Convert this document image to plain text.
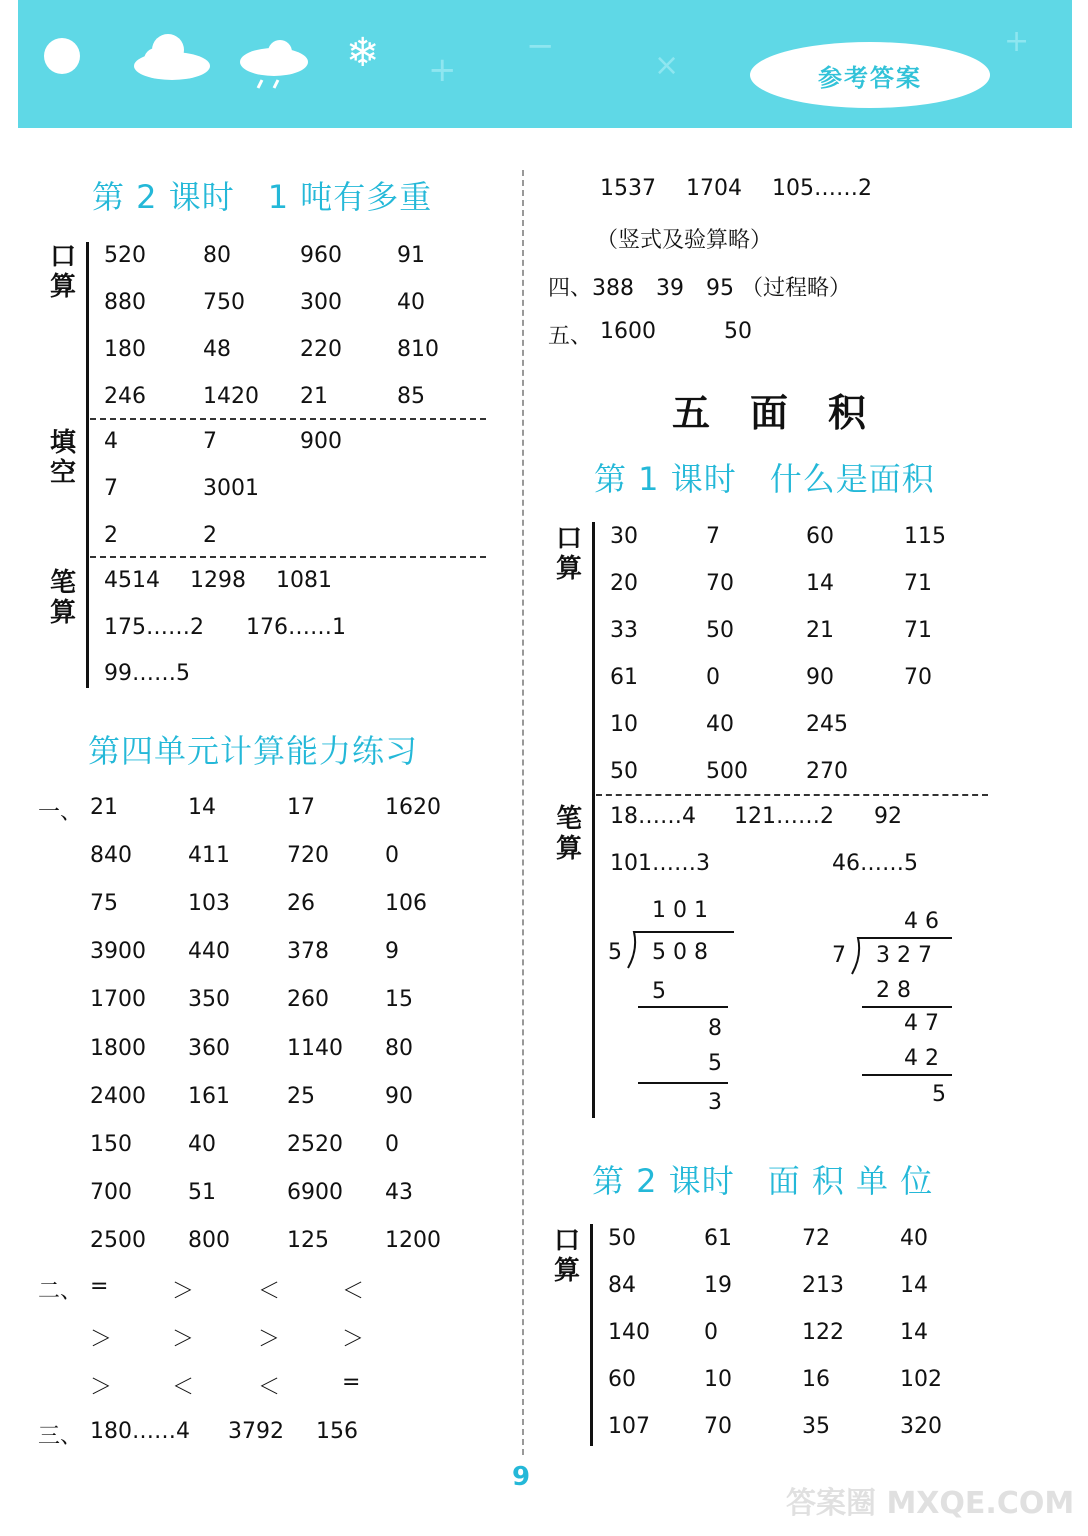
❄ +
−	×
+
参考答案
第 2 课时　1 吨有多重
口
算
填
空
笔
算
520	80	960	91
880	750	300	40
180	48	220	810
246	1420 21	85
4	7	900
7	3001
2	2
4514 1298 1081
175……2 176……1
99……5
第四单元计算能力练习
一、 21	14	17	1620
840	411	720	0
75	103	26	106
3900 440	378	9
1700 350	260	15
1800 360	1140 80
2400 161	25	90
150	40	2520 0
700	51	6900 43
2500 800	125	1200
二、 =	＞	＜	＜
＞	＞	＞	＞
＞	＜	＜	=
三、 180……4 3792 156
1537 1704 105……2
（竖式及验算略）
四、388　39　95 （过程略）
五、 1600	50
五面积
第 1 课时　什么是面积
口
算
笔
算
30	7	60	115
20	70	14	71
33	50	21	71
61	0	90	70
10	40	245
50	500	270
18……4 121……2 92
101……3	46……5
1 0 1
5 5 0 8
5
8
5
3
4 6
7 3 2 7
2 8
4 7
4 2
5
第 2 课时　面 积 单 位
口
算
50	61	72	40
84	19	213	14
140 0	122	14
60	10	16	102
107 70	35	320
9
答案圈 MXQE.COM
